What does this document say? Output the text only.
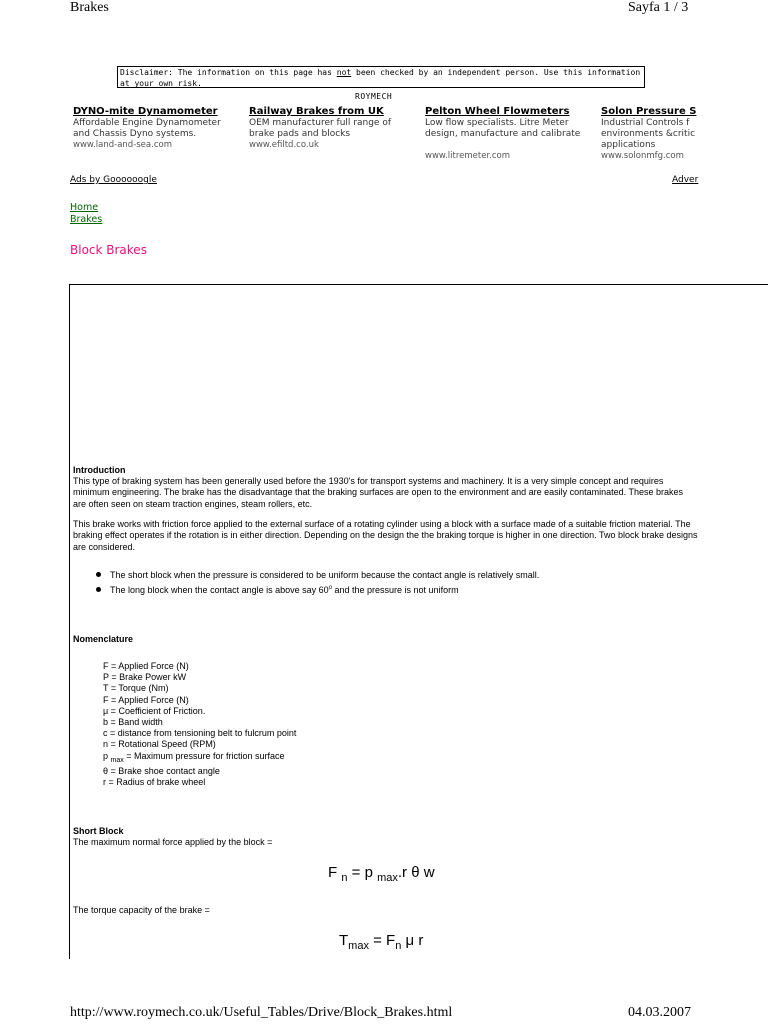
Brakes	Sayfa 1 / 3
Disclaimer: The information on this page has not been checked by an independent person. Use this information at your own risk.
ROYMECH
DYNO-mite Dynamometer
Affordable Engine Dynamometer
and Chassis Dyno systems.
www.land-and-sea.com
Railway Brakes from UK
OEM manufacturer full range of
brake pads and blocks
www.efiltd.co.uk
Pelton Wheel Flowmeters
Low flow specialists. Litre Meter
design, manufacture and calibrate
www.litremeter.com
Solon Pressure S
Industrial Controls f
environments &critic
applications
www.solonmfg.com
Ads by Goooooogle	Adver
Home
Brakes
Block Brakes
Introduction
This type of braking system has been generally used before the 1930's for transport systems and machinery. It is a very simple concept and requires minimum engineering. The brake has the disadvantage that the braking surfaces are open to the environment and are easily contaminated. These brakes are often seen on steam traction engines, steam rollers, etc.
This brake works with friction force applied to the external surface of a rotating cylinder using a block with a surface made of a suitable friction material. The braking effect operates if the rotation is in either direction. Depending on the design the the braking torque is higher in one direction. Two block brake designs are considered.
The short block when the pressure is considered to be uniform because the contact angle is relatively small.
The long block when the contact angle is above say 60$^o$ and the pressure is not uniform
Nomenclature
F = Applied Force (N)
P = Brake Power kW
T = Torque (Nm)
F = Applied Force (N)
μ = Coefficient of Friction.
b = Band width
c = distance from tensioning belt to fulcrum point
n = Rotational Speed (RPM)
p $_{max}$ = Maximum pressure for friction surface
θ = Brake shoe contact angle
r = Radius of brake wheel
Short Block
The maximum normal force applied by the block =
F $_n$ = p $_{max}$.r θ w
The torque capacity of the brake =
$T_{max} = F_n$ μ r
http://www.roymech.co.uk/Useful_Tables/Drive/Block_Brakes.html	04.03.2007
